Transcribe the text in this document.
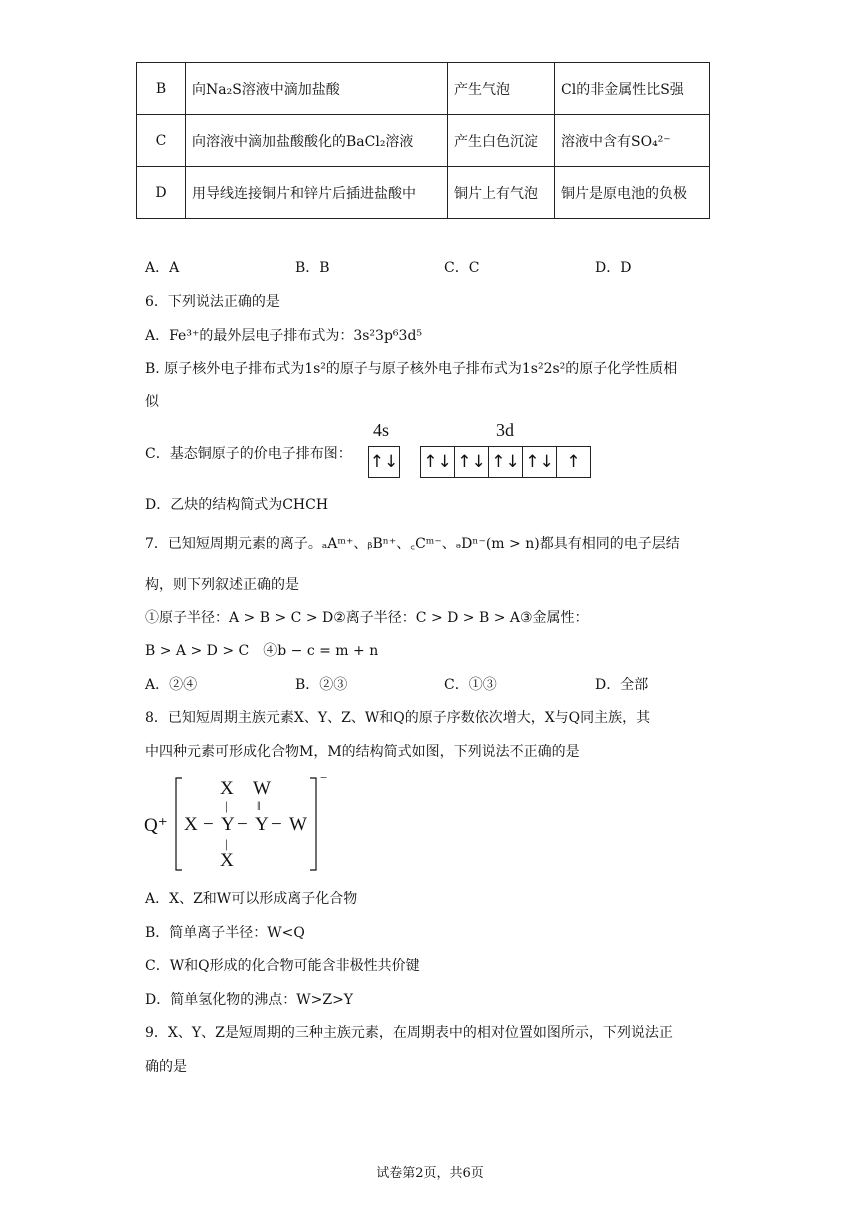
B	向Na₂S溶液中滴加盐酸	产生气泡	Cl的非金属性比S强
C	向溶液中滴加盐酸酸化的BaCl₂溶液	产生白色沉淀	溶液中含有SO₄²⁻
D	用导线连接铜片和锌片后插进盐酸中	铜片上有气泡	铜片是原电池的负极
A．A	B．B	C．C	D．D
6．下列说法正确的是
A．Fe³⁺的最外层电子排布式为：3s²3p⁶3d⁵
B. 原子核外电子排布式为1s²的原子与原子核外电子排布式为1s²2s²的原子化学性质相
似
C．基态铜原子的价电子排布图：
4s	3d
↑↓ ↑↓ ↑↓ ↑↓ ↑↓ ↑
D．乙炔的结构简式为CHCH
7．已知短周期元素的离子。ₐAᵐ⁺、ᵦBⁿ⁺、꜀Cᵐ⁻、ₔDⁿ⁻(m > n)都具有相同的电子层结
构，则下列叙述正确的是
①原子半径：A > B > C > D②离子半径：C > D > B > A③金属性：
B > A > D > C　④b − c = m + n
A．②④	B．②③	C．①③	D．全部
8．已知短周期主族元素X、Y、Z、W和Q的原子序数依次增大，X与Q同主族，其
中四种元素可形成化合物M，M的结构简式如图，下列说法不正确的是
Q⁺
−
X W
| ‖
X − Y − Y − W
|
X
A．X、Z和W可以形成离子化合物
B．简单离子半径：W<Q
C．W和Q形成的化合物可能含非极性共价键
D．简单氢化物的沸点：W>Z>Y
9．X、Y、Z是短周期的三种主族元素，在周期表中的相对位置如图所示，下列说法正
确的是
试卷第2页，共6页
